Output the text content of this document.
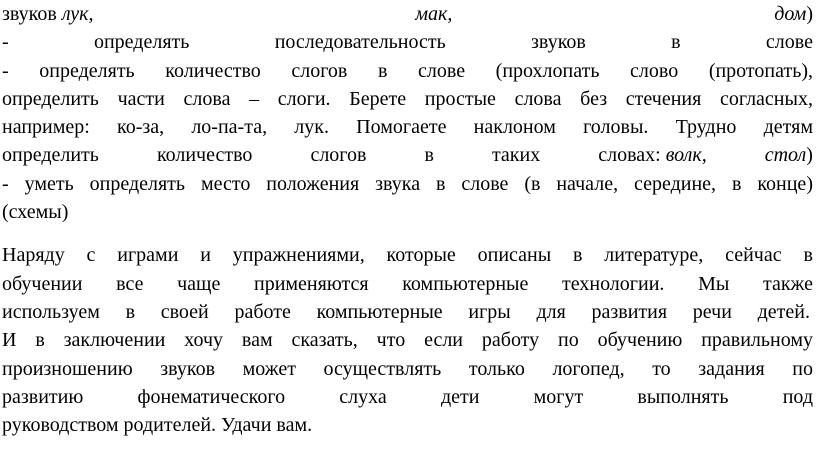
звуков лук,	мак,	дом)
-	определять	последовательность	звуков	в	слове
- определять количество слогов в слове (прохлопать слово (протопать),
определить части слова – слоги. Берете простые слова без стечения согласных,
например: ко-за, ло-па-та, лук. Помогаете наклоном головы. Трудно детям
определить	количество	слогов	в	таких	словах: волк,	стол)
- уметь определять место положения звука в слове (в начале, середине, в конце)
(схемы)
Наряду с играми и упражнениями, которые описаны в литературе, сейчас в
обучении все чаще применяются компьютерные технологии. Мы также
используем в своей работе компьютерные игры для развития речи детей.
И в заключении хочу вам сказать, что если работу по обучению правильному
произношению звуков может осуществлять только логопед, то задания по
развитию	фонематического	слуха	дети	могут	выполнять	под
руководством родителей. Удачи вам.
